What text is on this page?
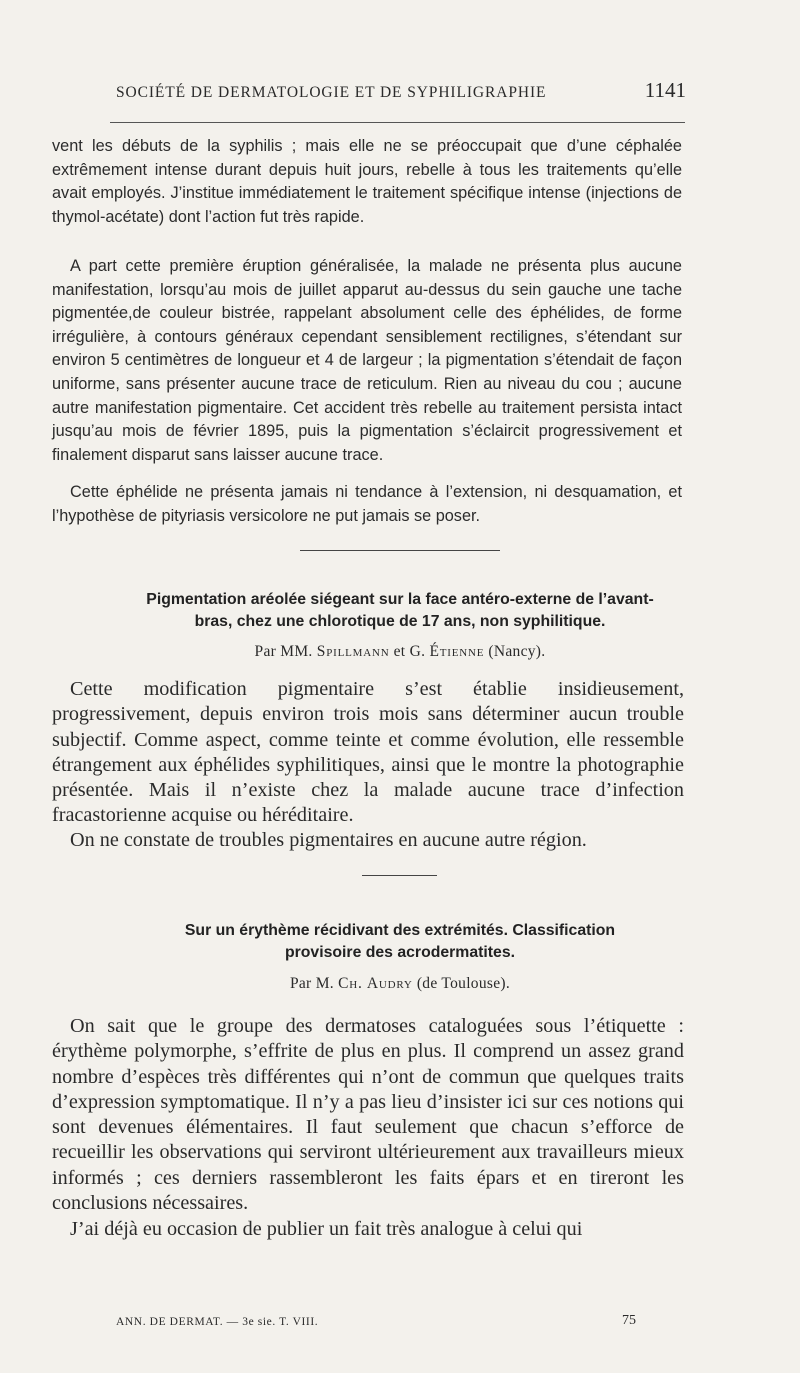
SOCIÉTÉ DE DERMATOLOGIE ET DE SYPHILIGRAPHIE	1141

vent les débuts de la syphilis ; mais elle ne se préoccupait que d’une céphalée extrêmement intense durant depuis huit jours, rebelle à tous les traitements qu’elle avait employés. J’institue immédiatement le traitement spécifique intense (injections de thymol-acétate) dont l’action fut très rapide.

A part cette première éruption généralisée, la malade ne présenta plus aucune manifestation, lorsqu’au mois de juillet apparut au-dessus du sein gauche une tache pigmentée,de couleur bistrée, rappelant absolument celle des éphélides, de forme irrégulière, à contours généraux cependant sensiblement rectilignes, s’étendant sur environ 5 centimètres de longueur et 4 de largeur ; la pigmentation s’étendait de façon uniforme, sans présenter aucune trace de reticulum. Rien au niveau du cou ; aucune autre manifestation pigmentaire. Cet accident très rebelle au traitement persista intact jusqu’au mois de février 1895, puis la pigmentation s’éclaircit progressivement et finalement disparut sans laisser aucune trace.

Cette éphélide ne présenta jamais ni tendance à l’extension, ni desquamation, et l’hypothèse de pityriasis versicolore ne put jamais se poser.

Pigmentation aréolée siégeant sur la face antéro-externe de l’avant-
bras, chez une chlorotique de 17 ans, non syphilitique.

Par MM. Spillmann et G. Étienne (Nancy).

Cette modification pigmentaire s’est établie insidieusement, progressivement, depuis environ trois mois sans déterminer aucun trouble subjectif. Comme aspect, comme teinte et comme évolution, elle ressemble étrangement aux éphélides syphilitiques, ainsi que le montre la photographie présentée. Mais il n’existe chez la malade aucune trace d’infection fracastorienne acquise ou héréditaire.

On ne constate de troubles pigmentaires en aucune autre région.

Sur un érythème récidivant des extrémités. Classification
provisoire des acrodermatites.

Par M. Ch. Audry (de Toulouse).

On sait que le groupe des dermatoses cataloguées sous l’étiquette : érythème polymorphe, s’effrite de plus en plus. Il comprend un assez grand nombre d’espèces très différentes qui n’ont de commun que quelques traits d’expression symptomatique. Il n’y a pas lieu d’insister ici sur ces notions qui sont devenues élémentaires. Il faut seulement que chacun s’efforce de recueillir les observations qui serviront ultérieurement aux travailleurs mieux informés ; ces derniers rassembleront les faits épars et en tireront les conclusions nécessaires.

J’ai déjà eu occasion de publier un fait très analogue à celui qui

ANN. DE DERMAT. — 3e sie. T. VIII.	75
